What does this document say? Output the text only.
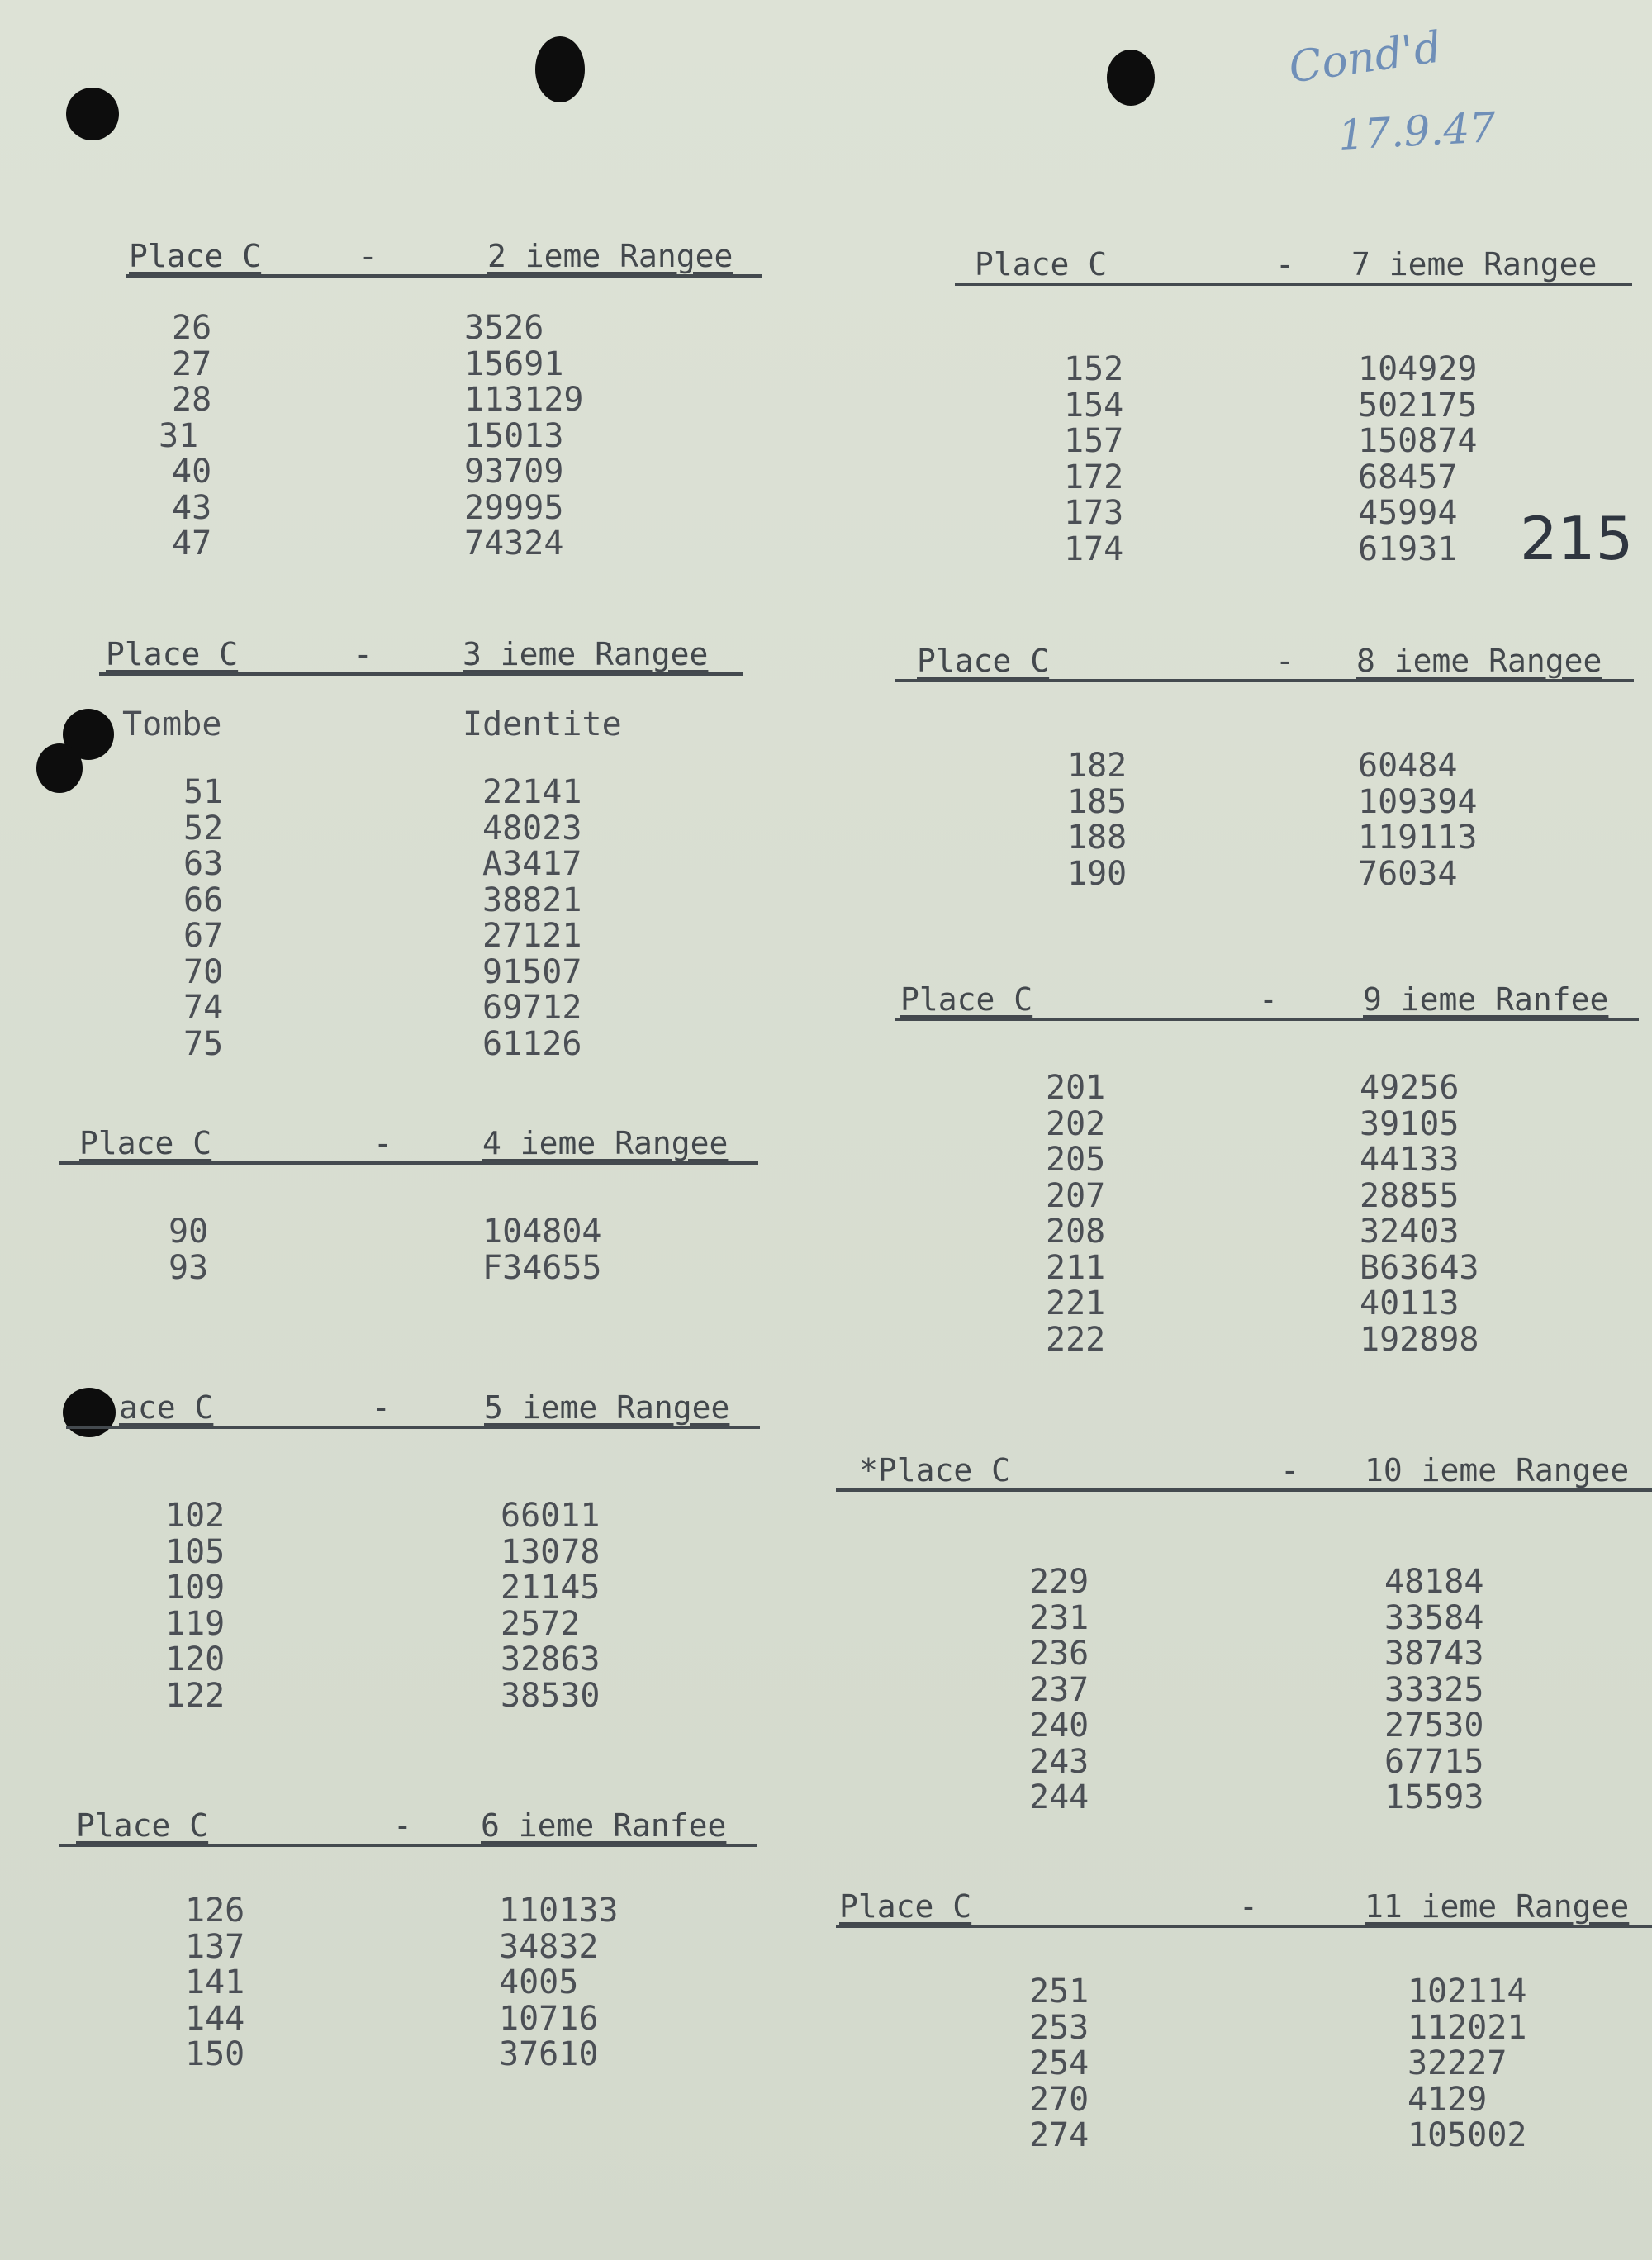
Cond'd
17.9.47
215
Place C	-	2 ieme Rangee
26	3526
27	15691
28	113129
31	15013
40	93709
43	29995
47	74324
Place C	-	3 ieme Rangee
Tombe	Identite
51	22141
52	48023
63	A3417
66	38821
67	27121
70	91507
74	69712
75	61126
Place C	-	4 ieme Rangee
90	104804
93	F34655
ace C	-	5 ieme Rangee
102	66011
105	13078
109	21145
119	2572
120	32863
122	38530
Place C	- 6 ieme Ranfee
126	110133
137	34832
141	4005
144	10716
150	37610
Place C	- 7 ieme Rangee
152	104929
154	502175
157	150874
172	68457
173	45994
174	61931
Place C	- 8 ieme Rangee
182	60484
185	109394
188	119113
190	76034
Place C	-	9 ieme Ranfee
201	49256
202	39105
205	44133
207	28855
208	32403
211	B63643
221	40113
222	192898
*Place C	- 10 ieme Rangee
229	48184
231	33584
236	38743
237	33325
240	27530
243	67715
244	15593
Place C	-	11 ieme Rangee
251	102114
253	112021
254	32227
270	4129
274	105002
